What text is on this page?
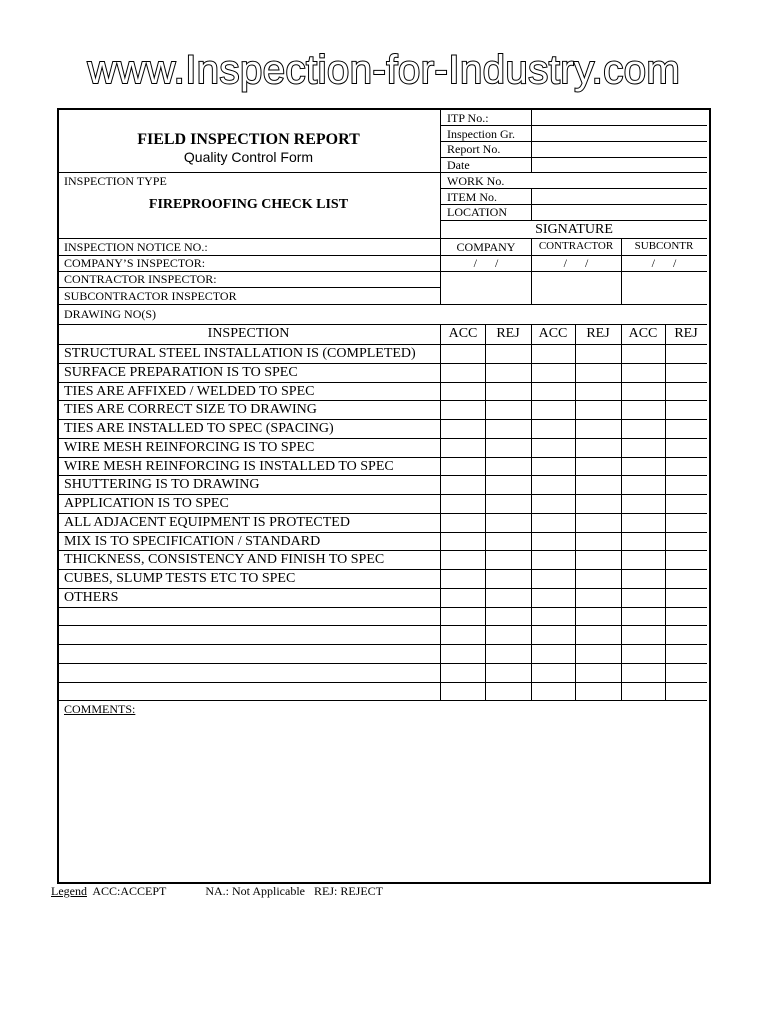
www.Inspection-for-Industry.com
FIELD INSPECTION REPORT
Quality Control Form
INSPECTION TYPE
FIREPROOFING CHECK LIST
ITP No.:
Inspection Gr.
Report No.
Date
WORK No.
ITEM No.
LOCATION
SIGNATURE
COMPANY	CONTRACTOR	SUBCONTR
/      /	/      /	/      /
INSPECTION NOTICE NO.:
COMPANY’S INSPECTOR:
CONTRACTOR INSPECTOR:
SUBCONTRACTOR INSPECTOR
DRAWING NO(S)
INSPECTION	ACC	REJ	ACC	REJ	ACC	REJ
STRUCTURAL STEEL INSTALLATION IS (COMPLETED)
SURFACE PREPARATION IS TO SPEC
TIES ARE AFFIXED / WELDED TO SPEC
TIES ARE CORRECT SIZE TO DRAWING
TIES ARE INSTALLED TO SPEC (SPACING)
WIRE MESH REINFORCING IS TO SPEC
WIRE MESH REINFORCING IS INSTALLED TO SPEC
SHUTTERING IS TO DRAWING
APPLICATION IS TO SPEC
ALL ADJACENT EQUIPMENT IS PROTECTED
MIX IS TO SPECIFICATION / STANDARD
THICKNESS, CONSISTENCY AND FINISH TO SPEC
CUBES, SLUMP TESTS ETC TO SPEC
OTHERS
COMMENTS:
Legend ACC:ACCEPT	NA.: Not Applicable REJ: REJECT
